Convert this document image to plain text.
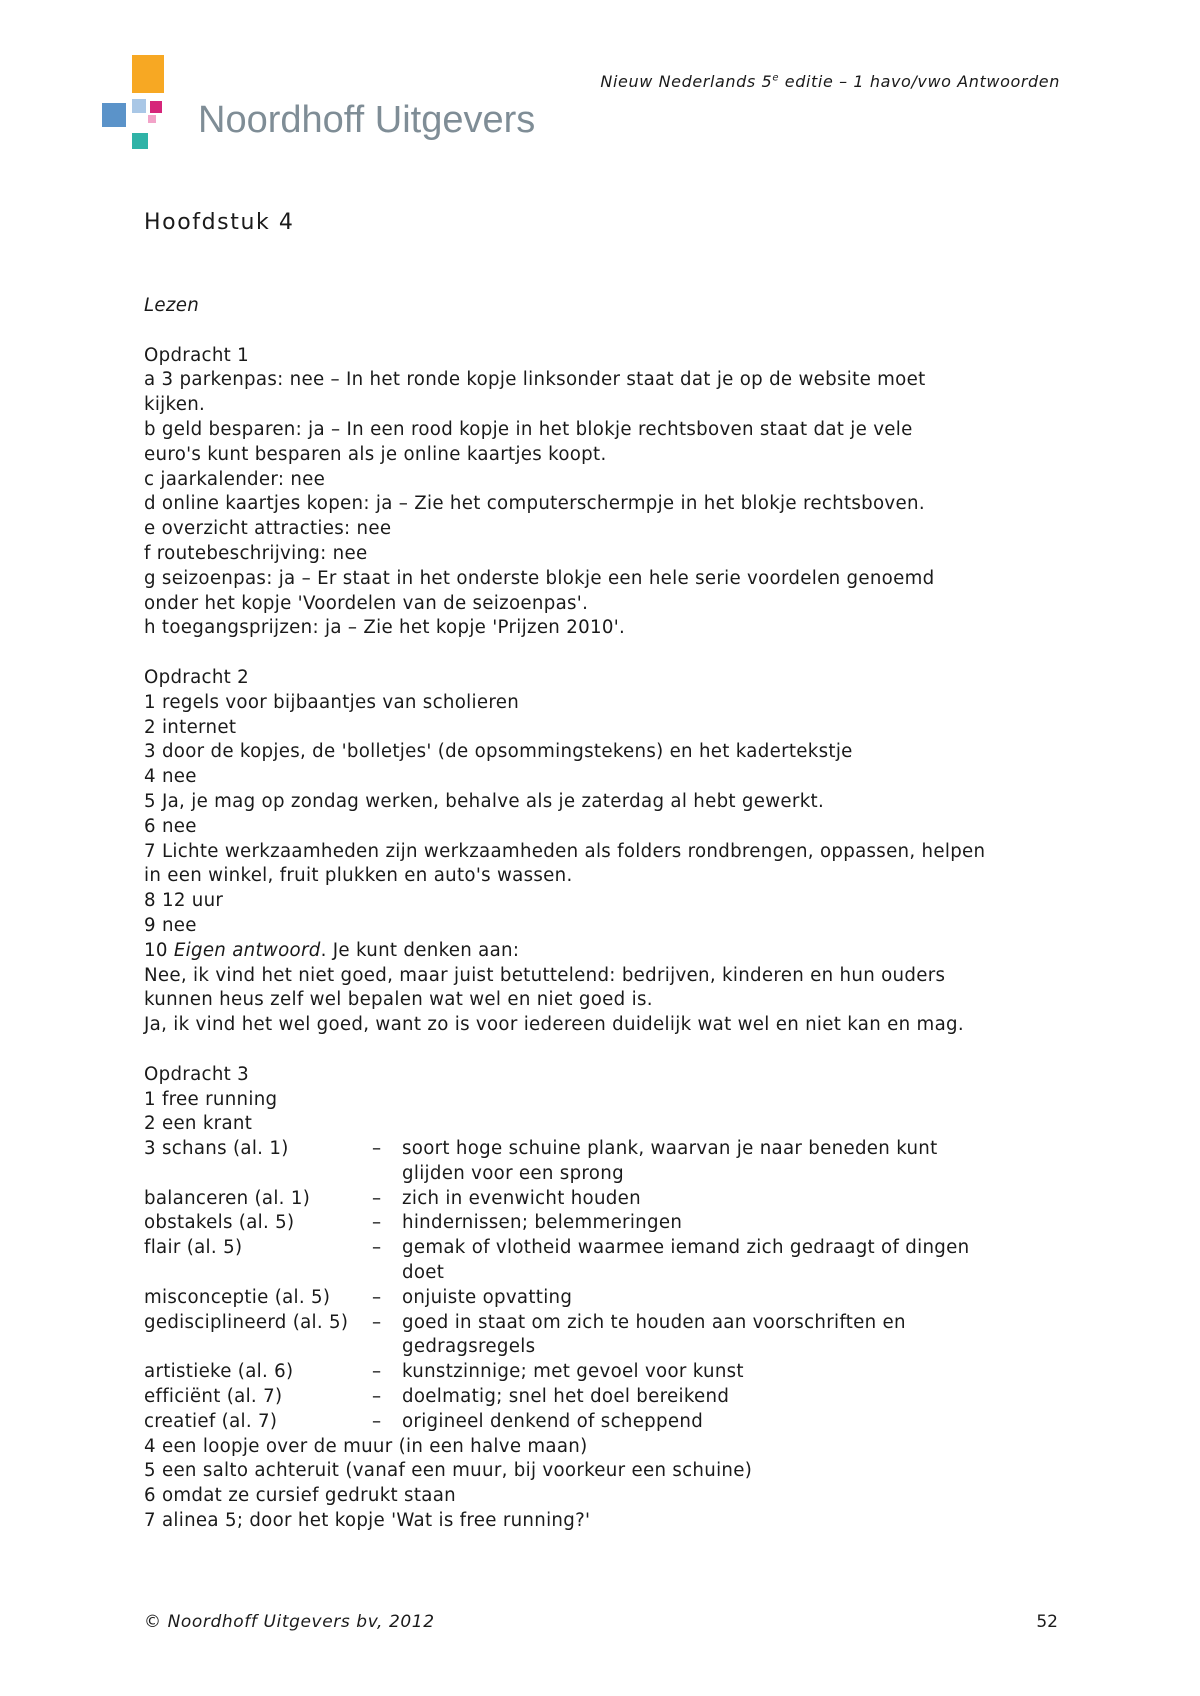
Noordhoff Uitgevers
Nieuw Nederlands 5e editie – 1 havo/vwo Antwoorden
Hoofdstuk 4
Lezen
Opdracht 1
a 3 parkenpas: nee – In het ronde kopje linksonder staat dat je op de website moet
kijken.
b geld besparen: ja – In een rood kopje in het blokje rechtsboven staat dat je vele
euro's kunt besparen als je online kaartjes koopt.
c jaarkalender: nee
d online kaartjes kopen: ja – Zie het computerschermpje in het blokje rechtsboven.
e overzicht attracties: nee
f routebeschrijving: nee
g seizoenpas: ja – Er staat in het onderste blokje een hele serie voordelen genoemd
onder het kopje 'Voordelen van de seizoenpas'.
h toegangsprijzen: ja – Zie het kopje 'Prijzen 2010'.
Opdracht 2
1 regels voor bijbaantjes van scholieren
2 internet
3 door de kopjes, de 'bolletjes' (de opsommingstekens) en het kadertekstje
4 nee
5 Ja, je mag op zondag werken, behalve als je zaterdag al hebt gewerkt.
6 nee
7 Lichte werkzaamheden zijn werkzaamheden als folders rondbrengen, oppassen, helpen
in een winkel, fruit plukken en auto's wassen.
8 12 uur
9 nee
10 Eigen antwoord. Je kunt denken aan:
Nee, ik vind het niet goed, maar juist betuttelend: bedrijven, kinderen en hun ouders
kunnen heus zelf wel bepalen wat wel en niet goed is.
Ja, ik vind het wel goed, want zo is voor iedereen duidelijk wat wel en niet kan en mag.
Opdracht 3
1 free running
2 een krant
3 schans (al. 1)	–	soort hoge schuine plank, waarvan je naar beneden kunt
glijden voor een sprong
balanceren (al. 1)	–	zich in evenwicht houden
obstakels (al. 5)	–	hindernissen; belemmeringen
flair (al. 5)	–	gemak of vlotheid waarmee iemand zich gedraagt of dingen
doet
misconceptie (al. 5)	–	onjuiste opvatting
gedisciplineerd (al. 5)	–	goed in staat om zich te houden aan voorschriften en
gedragsregels
artistieke (al. 6)	–	kunstzinnige; met gevoel voor kunst
efficiënt (al. 7)	–	doelmatig; snel het doel bereikend
creatief (al. 7)	–	origineel denkend of scheppend
4 een loopje over de muur (in een halve maan)
5 een salto achteruit (vanaf een muur, bij voorkeur een schuine)
6 omdat ze cursief gedrukt staan
7 alinea 5; door het kopje 'Wat is free running?'
© Noordhoff Uitgevers bv, 2012	52
